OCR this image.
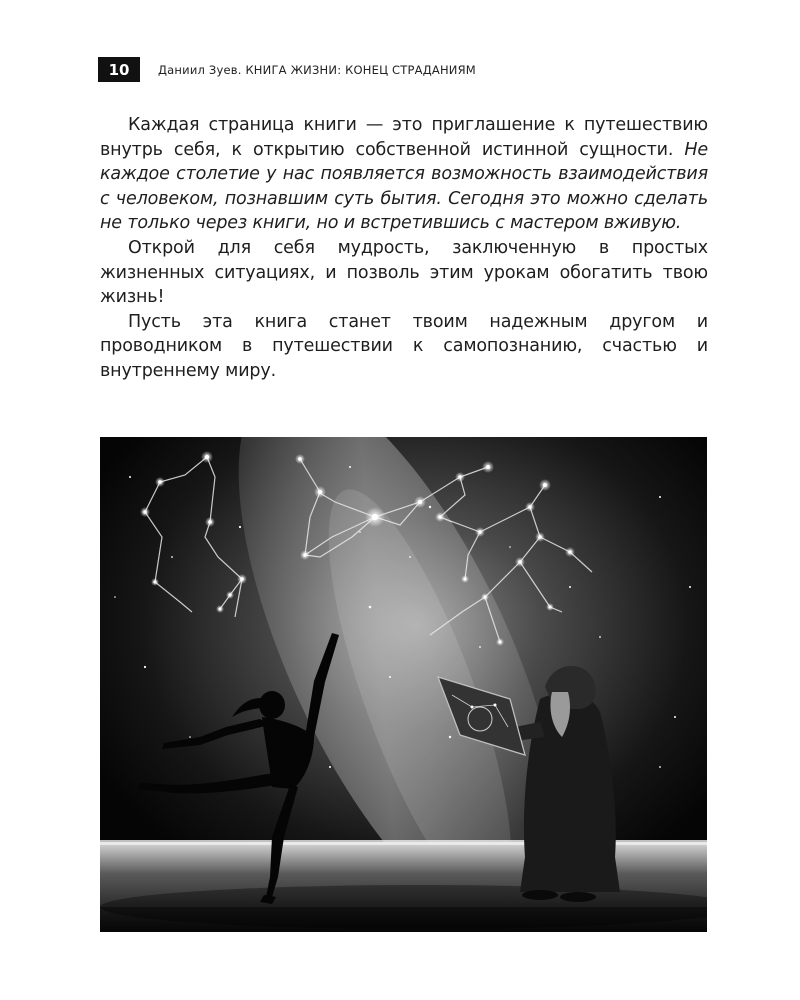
10	Даниил Зуев. КНИГА ЖИЗНИ: КОНЕЦ СТРАДАНИЯМ

Каждая страница книги — это приглашение к путешествию внутрь себя, к открытию собственной истинной сущности. Не каждое столетие у нас появляется возможность взаимодействия с человеком, познавшим суть бытия. Сегодня это можно сделать не только через книги, но и встретившись с мастером вживую.

Открой для себя мудрость, заключенную в простых жизненных ситуациях, и позволь этим урокам обогатить твою жизнь!

Пусть эта книга станет твоим надежным другом и проводником в путешествии к самопознанию, счастью и внутреннему миру.
